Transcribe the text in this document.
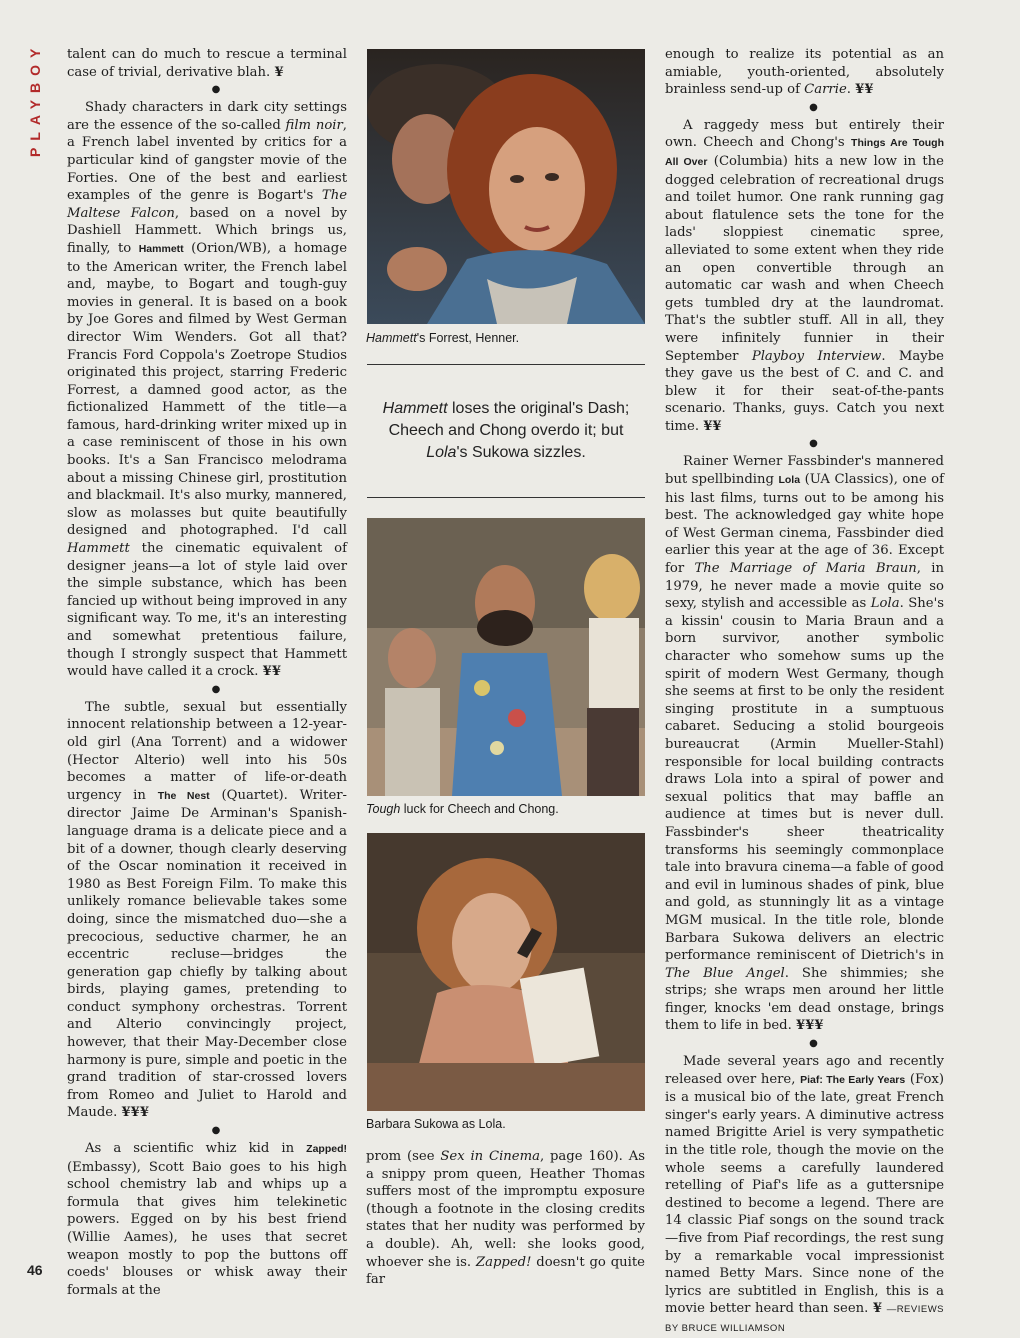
PLAYBOY
46

talent can do much to rescue a terminal case of trivial, derivative blah. ¥

●

Shady characters in dark city settings are the essence of the so-called film noir, a French label invented by critics for a particular kind of gangster movie of the Forties. One of the best and earliest examples of the genre is Bogart's The Maltese Falcon, based on a novel by Dashiell Hammett. Which brings us, finally, to Hammett (Orion/WB), a homage to the American writer, the French label and, maybe, to Bogart and tough-guy movies in general. It is based on a book by Joe Gores and filmed by West German director Wim Wenders. Got all that? Francis Ford Coppola's Zoetrope Studios originated this project, starring Frederic Forrest, a damned good actor, as the fictionalized Hammett of the title—a famous, hard-drinking writer mixed up in a case reminiscent of those in his own books. It's a San Francisco melodrama about a missing Chinese girl, prostitution and blackmail. It's also murky, mannered, slow as molasses but quite beautifully designed and photographed. I'd call Hammett the cinematic equivalent of designer jeans—a lot of style laid over the simple substance, which has been fancied up without being improved in any significant way. To me, it's an interesting and somewhat pretentious failure, though I strongly suspect that Hammett would have called it a crock. ¥¥

●

The subtle, sexual but essentially innocent relationship between a 12-year-old girl (Ana Torrent) and a widower (Hector Alterio) well into his 50s becomes a matter of life-or-death urgency in The Nest (Quartet). Writer-director Jaime De Arminan's Spanish-language drama is a delicate piece and a bit of a downer, though clearly deserving of the Oscar nomination it received in 1980 as Best Foreign Film. To make this unlikely romance believable takes some doing, since the mismatched duo—she a precocious, seductive charmer, he an eccentric recluse—bridges the generation gap chiefly by talking about birds, playing games, pretending to conduct symphony orchestras. Torrent and Alterio convincingly project, however, that their May-December close harmony is pure, simple and poetic in the grand tradition of star-crossed lovers from Romeo and Juliet to Harold and Maude. ¥¥¥

●

As a scientific whiz kid in Zapped! (Embassy), Scott Baio goes to his high school chemistry lab and whips up a formula that gives him telekinetic powers. Egged on by his best friend (Willie Aames), he uses that secret weapon mostly to pop the buttons off coeds' blouses or whisk away their formals at the

Hammett's Forrest, Henner.
Hammett loses the original's Dash; Cheech and Chong overdo it; but Lola's Sukowa sizzles.
Tough luck for Cheech and Chong.
Barbara Sukowa as Lola.

prom (see Sex in Cinema, page 160). As a snippy prom queen, Heather Thomas suffers most of the impromptu exposure (though a footnote in the closing credits states that her nudity was performed by a double). Ah, well: she looks good, whoever she is. Zapped! doesn't go quite far

enough to realize its potential as an amiable, youth-oriented, absolutely brainless send-up of Carrie. ¥¥

●

A raggedy mess but entirely their own. Cheech and Chong's Things Are Tough All Over (Columbia) hits a new low in the dogged celebration of recreational drugs and toilet humor. One rank running gag about flatulence sets the tone for the lads' sloppiest cinematic spree, alleviated to some extent when they ride an open convertible through an automatic car wash and when Cheech gets tumbled dry at the laundromat. That's the subtler stuff. All in all, they were infinitely funnier in their September Playboy Interview. Maybe they gave us the best of C. and C. and blew it for their seat-of-the-pants scenario. Thanks, guys. Catch you next time. ¥¥

●

Rainer Werner Fassbinder's mannered but spellbinding Lola (UA Classics), one of his last films, turns out to be among his best. The acknowledged gay white hope of West German cinema, Fassbinder died earlier this year at the age of 36. Except for The Marriage of Maria Braun, in 1979, he never made a movie quite so sexy, stylish and accessible as Lola. She's a kissin' cousin to Maria Braun and a born survivor, another symbolic character who somehow sums up the spirit of modern West Germany, though she seems at first to be only the resident singing prostitute in a sumptuous cabaret. Seducing a stolid bourgeois bureaucrat (Armin Mueller-Stahl) responsible for local building contracts draws Lola into a spiral of power and sexual politics that may baffle an audience at times but is never dull. Fassbinder's sheer theatricality transforms his seemingly commonplace tale into bravura cinema—a fable of good and evil in luminous shades of pink, blue and gold, as stunningly lit as a vintage MGM musical. In the title role, blonde Barbara Sukowa delivers an electric performance reminiscent of Dietrich's in The Blue Angel. She shimmies; she strips; she wraps men around her little finger, knocks 'em dead onstage, brings them to life in bed. ¥¥¥

●

Made several years ago and recently released over here, Piaf: The Early Years (Fox) is a musical bio of the late, great French singer's early years. A diminutive actress named Brigitte Ariel is very sympathetic in the title role, though the movie on the whole seems a carefully laundered retelling of Piaf's life as a guttersnipe destined to become a legend. There are 14 classic Piaf songs on the sound track—five from Piaf recordings, the rest sung by a remarkable vocal impressionist named Betty Mars. Since none of the lyrics are subtitled in English, this is a movie better heard than seen. ¥ —REVIEWS BY BRUCE WILLIAMSON
